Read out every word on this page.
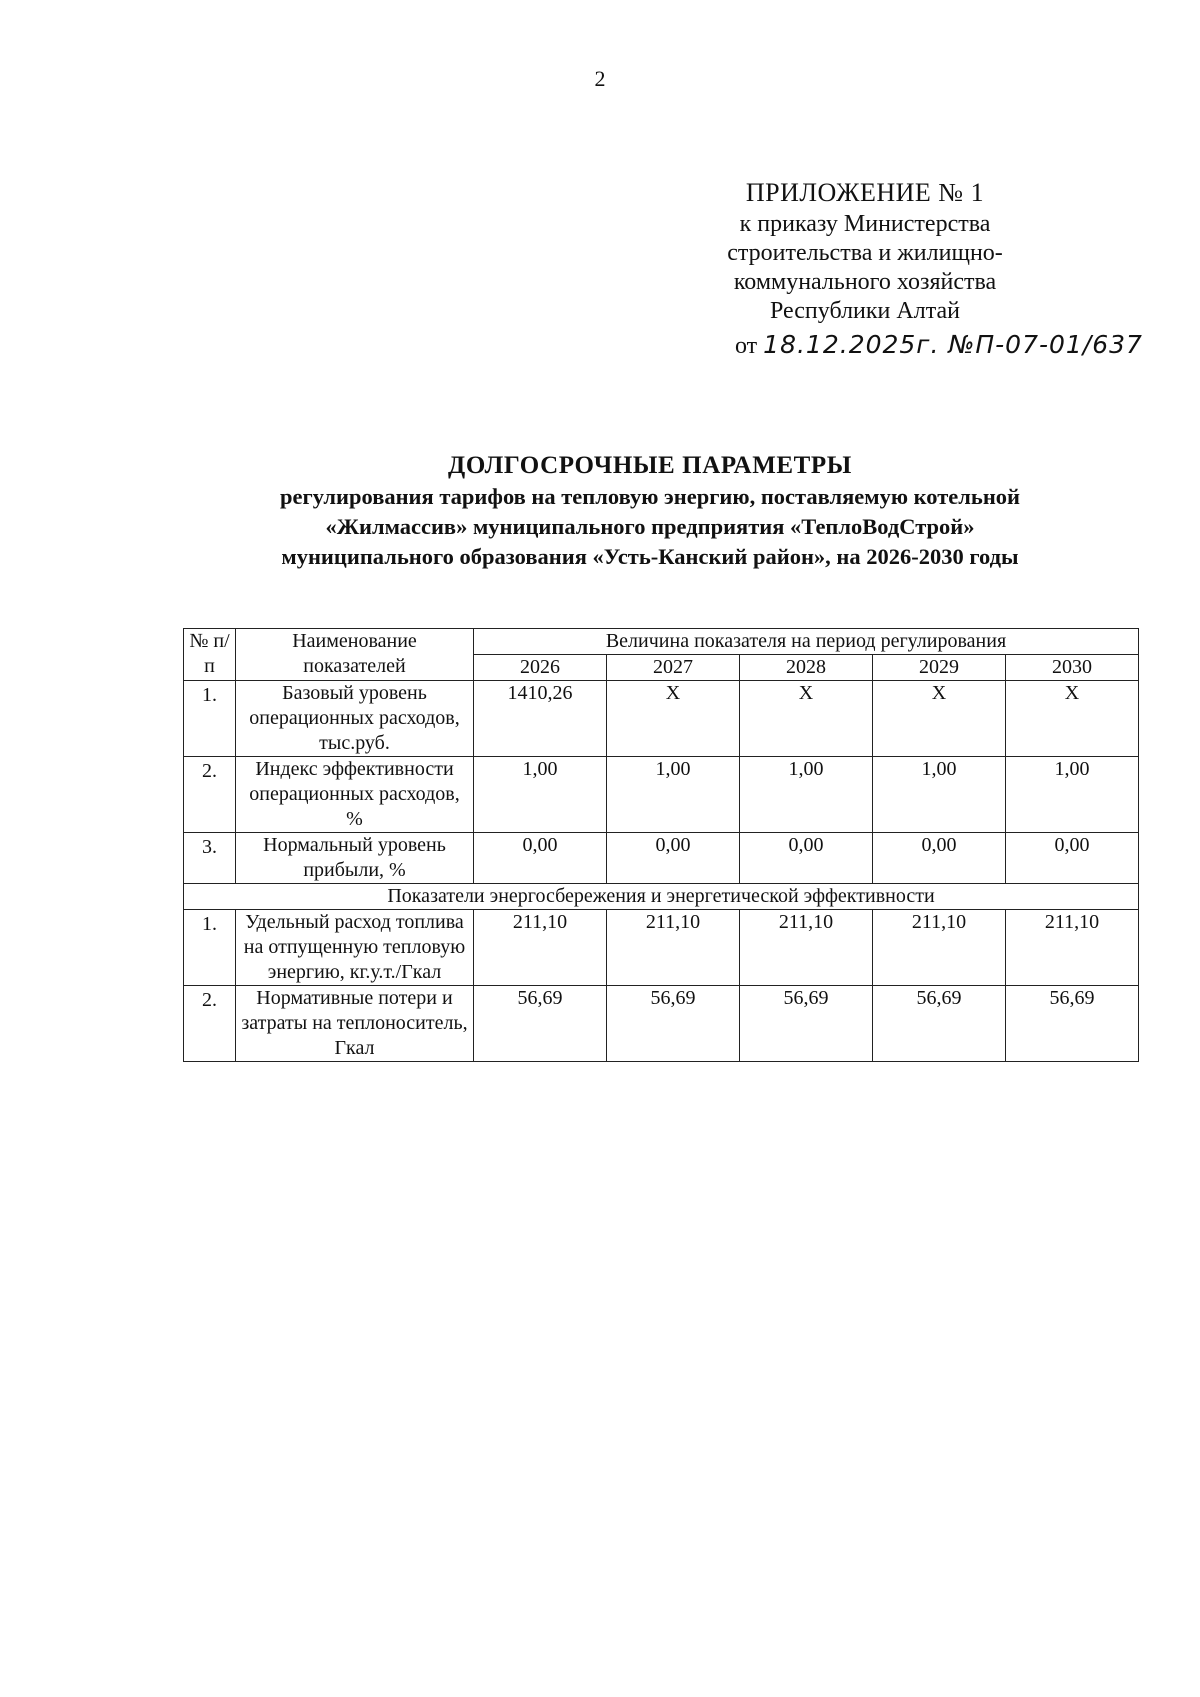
2
ПРИЛОЖЕНИЕ № 1
к приказу Министерства
строительства и жилищно-
коммунального хозяйства
Республики Алтай
от 18.12.2025г. №П-07-01/637
ДОЛГОСРОЧНЫЕ ПАРАМЕТРЫ
регулирования тарифов на тепловую энергию, поставляемую котельной
«Жилмассив» муниципального предприятия «ТеплоВодСтрой»
муниципального образования «Усть-Канский район», на 2026-2030 годы
№ п/п	Наименование показателей	Величина показателя на период регулирования				
		2026	2027	2028	2029	2030
1.	Базовый уровень операционных расходов, тыс.руб.	1410,26	Х	Х	Х	Х
2.	Индекс эффективности операционных расходов, %	1,00	1,00	1,00	1,00	1,00
3.	Нормальный уровень прибыли, %	0,00	0,00	0,00	0,00	0,00
Показатели энергосбережения и энергетической эффективности						
1.	Удельный расход топлива на отпущенную тепловую энергию, кг.у.т./Гкал	211,10	211,10	211,10	211,10	211,10
2.	Нормативные потери и затраты на теплоноситель, Гкал	56,69	56,69	56,69	56,69	56,69
